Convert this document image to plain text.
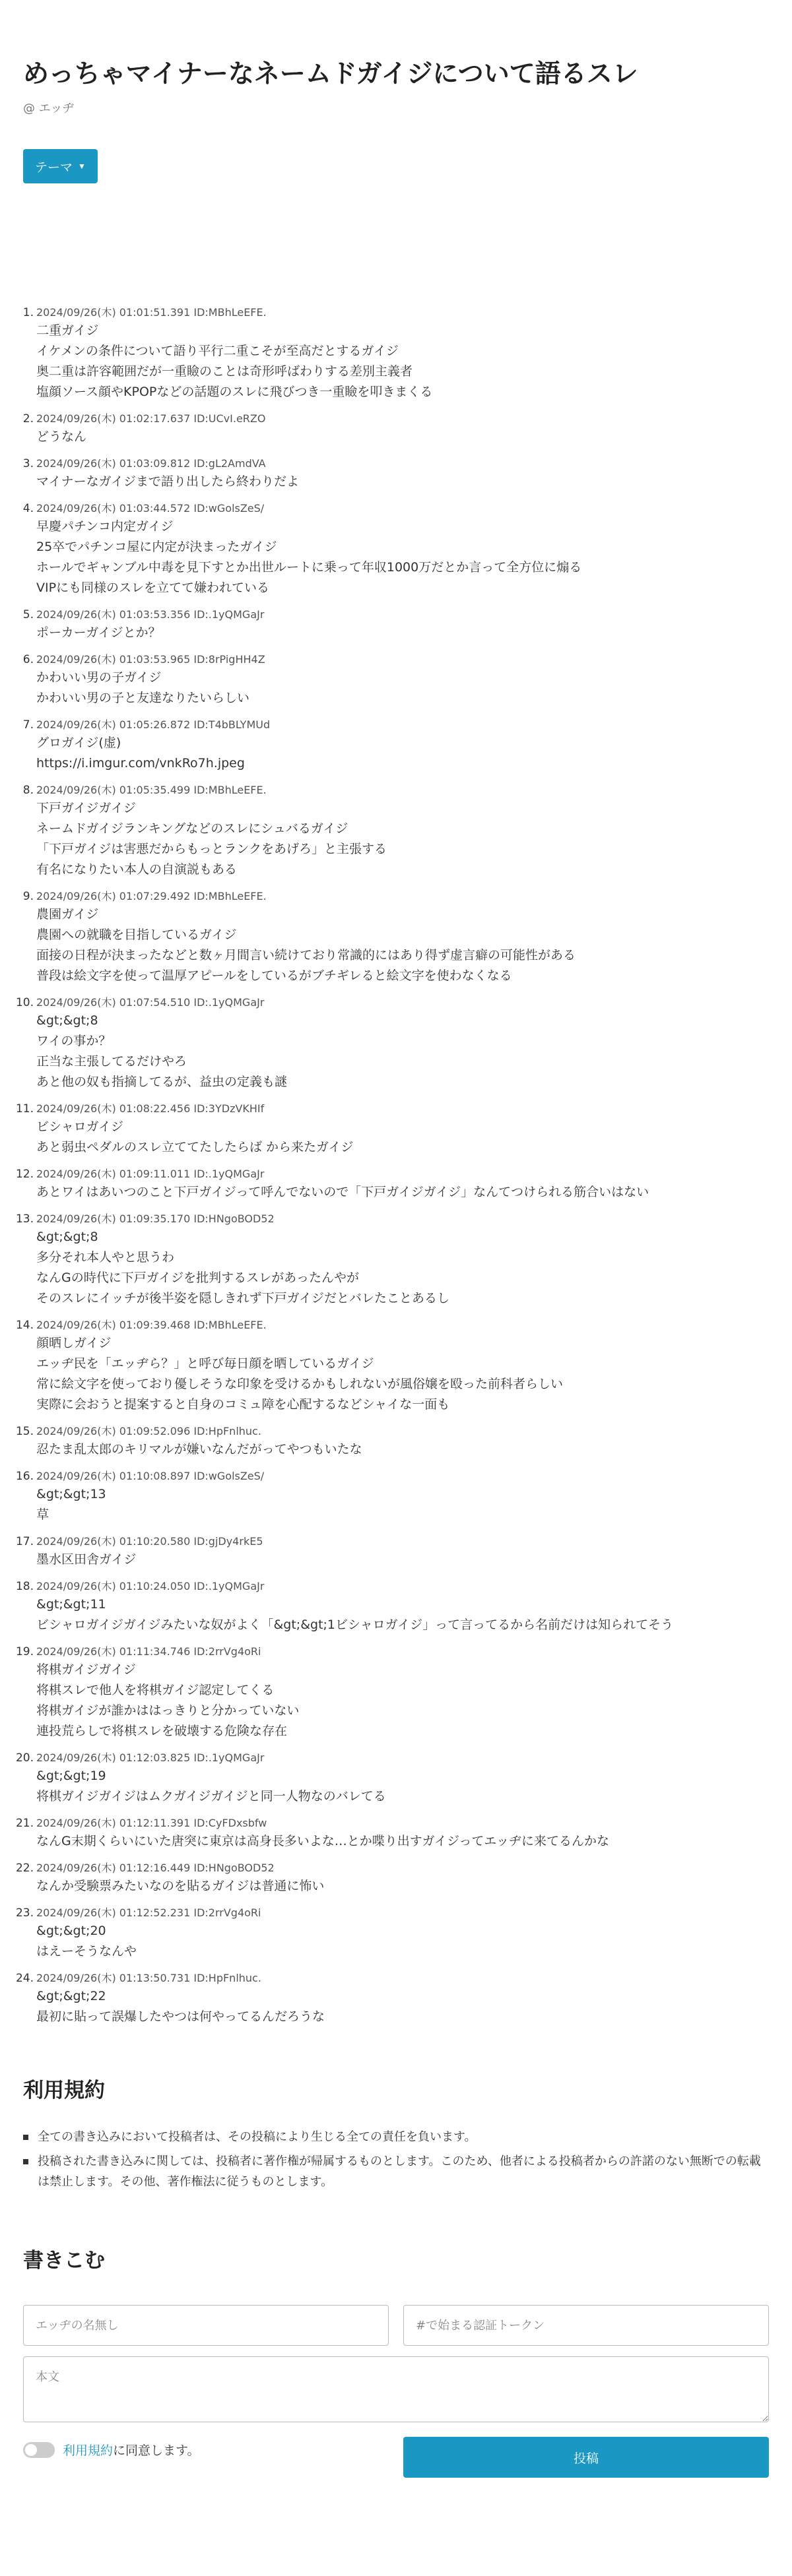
めっちゃマイナーなネームドガイジについて語るスレ
@ エッヂ
テーマ ▼
1. 2024/09/26(木) 01:01:51.391 ID:MBhLeEFE.
二重ガイジ
イケメンの条件について語り平行二重こそが至高だとするガイジ
奥二重は許容範囲だが一重瞼のことは奇形呼ばわりする差別主義者
塩顔ソース顔やKPOPなどの話題のスレに飛びつき一重瞼を叩きまくる
2. 2024/09/26(木) 01:02:17.637 ID:UCvI.eRZO
どうなん
3. 2024/09/26(木) 01:03:09.812 ID:gL2AmdVA
マイナーなガイジまで語り出したら終わりだよ
4. 2024/09/26(木) 01:03:44.572 ID:wGolsZeS/
早慶パチンコ内定ガイジ
25卒でパチンコ屋に内定が決まったガイジ
ホールでギャンブル中毒を見下すとか出世ルートに乗って年収1000万だとか言って全方位に煽る
VIPにも同様のスレを立てて嫌われている
5. 2024/09/26(木) 01:03:53.356 ID:.1yQMGaJr
ポーカーガイジとか？
6. 2024/09/26(木) 01:03:53.965 ID:8rPigHH4Z
かわいい男の子ガイジ
かわいい男の子と友達なりたいらしい
7. 2024/09/26(木) 01:05:26.872 ID:T4bBLYMUd
グロガイジ(虚)
https://i.imgur.com/vnkRo7h.jpeg
8. 2024/09/26(木) 01:05:35.499 ID:MBhLeEFE.
下戸ガイジガイジ
ネームドガイジランキングなどのスレにシュバるガイジ
「下戸ガイジは害悪だからもっとランクをあげろ」と主張する
有名になりたい本人の自演説もある
9. 2024/09/26(木) 01:07:29.492 ID:MBhLeEFE.
農園ガイジ
農園への就職を目指しているガイジ
面接の日程が決まったなどと数ヶ月間言い続けており常識的にはあり得ず虚言癖の可能性がある
普段は絵文字を使って温厚アピールをしているがブチギレると絵文字を使わなくなる
10. 2024/09/26(木) 01:07:54.510 ID:.1yQMGaJr
&gt;&gt;8
ワイの事か？
正当な主張してるだけやろ
あと他の奴も指摘してるが、益虫の定義も謎
11. 2024/09/26(木) 01:08:22.456 ID:3YDzVKHIf
ビシャロガイジ
あと弱虫ペダルのスレ立ててたしたらば から来たガイジ
12. 2024/09/26(木) 01:09:11.011 ID:.1yQMGaJr
あとワイはあいつのこと下戸ガイジって呼んでないので「下戸ガイジガイジ」なんてつけられる筋合いはない
13. 2024/09/26(木) 01:09:35.170 ID:HNgoBOD52
&gt;&gt;8
多分それ本人やと思うわ
なんGの時代に下戸ガイジを批判するスレがあったんやが
そのスレにイッチが後半姿を隠しきれず下戸ガイジだとバレたことあるし
14. 2024/09/26(木) 01:09:39.468 ID:MBhLeEFE.
顔晒しガイジ
エッヂ民を「エッヂら？」と呼び毎日顔を晒しているガイジ
常に絵文字を使っており優しそうな印象を受けるかもしれないが風俗嬢を殴った前科者らしい
実際に会おうと提案すると自身のコミュ障を心配するなどシャイな一面も
15. 2024/09/26(木) 01:09:52.096 ID:HpFnlhuc.
忍たま乱太郎のキリマルが嫌いなんだがってやつもいたな
16. 2024/09/26(木) 01:10:08.897 ID:wGolsZeS/
&gt;&gt;13
草
17. 2024/09/26(木) 01:10:20.580 ID:gjDy4rkE5
墨水区田舎ガイジ
18. 2024/09/26(木) 01:10:24.050 ID:.1yQMGaJr
&gt;&gt;11
ビシャロガイジガイジみたいな奴がよく「&gt;&gt;1ビシャロガイジ」って言ってるから名前だけは知られてそう
19. 2024/09/26(木) 01:11:34.746 ID:2rrVg4oRi
将棋ガイジガイジ
将棋スレで他人を将棋ガイジ認定してくる
将棋ガイジが誰かははっきりと分かっていない
連投荒らしで将棋スレを破壊する危険な存在
20. 2024/09/26(木) 01:12:03.825 ID:.1yQMGaJr
&gt;&gt;19
将棋ガイジガイジはムクガイジガイジと同一人物なのバレてる
21. 2024/09/26(木) 01:12:11.391 ID:CyFDxsbfw
なんG末期くらいにいた唐突に東京は高身長多いよな…とか喋り出すガイジってエッヂに来てるんかな
22. 2024/09/26(木) 01:12:16.449 ID:HNgoBOD52
なんか受験票みたいなのを貼るガイジは普通に怖い
23. 2024/09/26(木) 01:12:52.231 ID:2rrVg4oRi
&gt;&gt;20
はえーそうなんや
24. 2024/09/26(木) 01:13:50.731 ID:HpFnlhuc.
&gt;&gt;22
最初に貼って誤爆したやつは何やってるんだろうな
利用規約
全ての書き込みにおいて投稿者は、その投稿により生じる全ての責任を負います。
投稿された書き込みに関しては、投稿者に著作権が帰属するものとします。このため、他者による投稿者からの許諾のない無断での転載は禁止します。その他、著作権法に従うものとします。
書きこむ
エッヂの名無し
#で始まる認証トークン
本文
利用規約に同意します。
投稿
